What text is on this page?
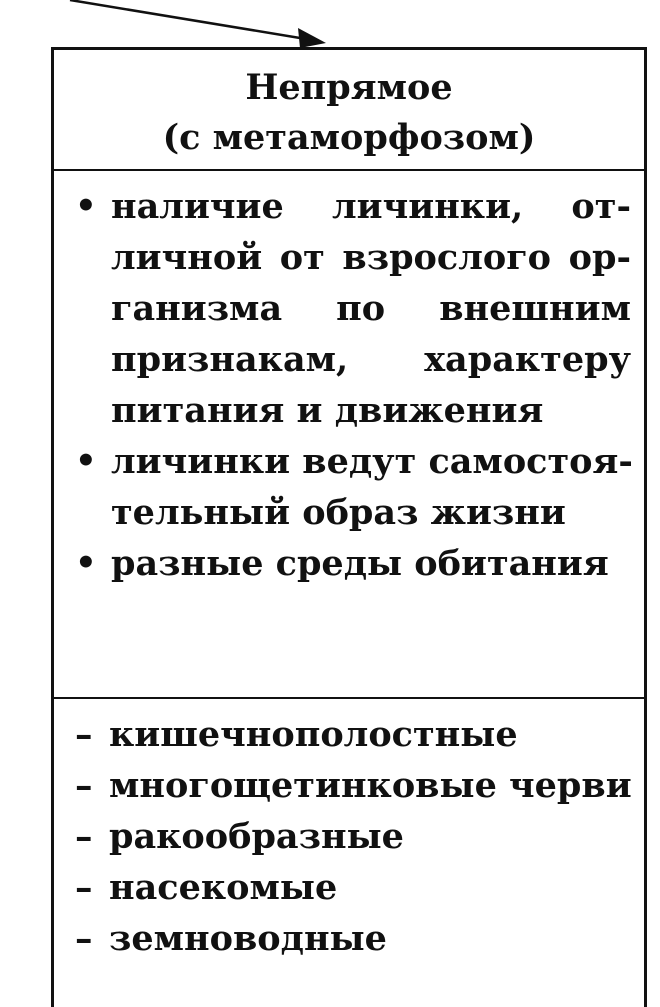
Непрямое
(с метаморфозом)
• наличие личинки, от-
личной от взрослого ор-
ганизма по внешним
признакам, характеру
питания и движения
• личинки ведут самостоя-
тельный образ жизни
• разные среды обитания
– кишечнополостные
– многощетинковые черви
– ракообразные
– насекомые
– земноводные
